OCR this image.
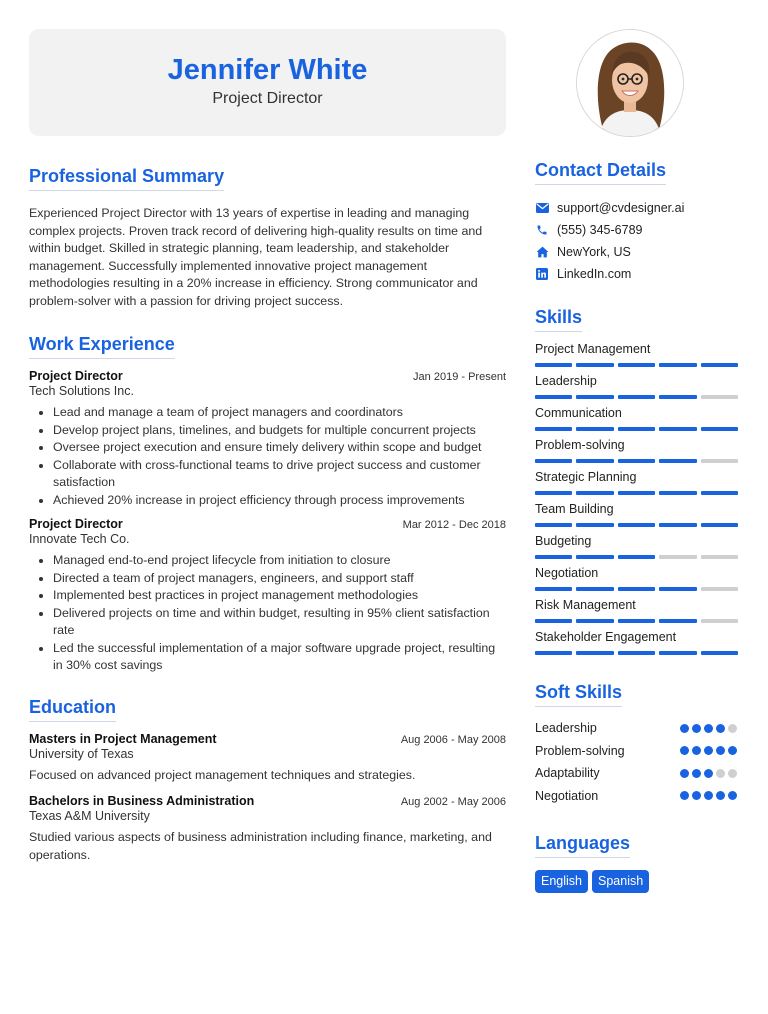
Jennifer White
Project Director
Professional Summary

Experienced Project Director with 13 years of expertise in leading and managing complex projects. Proven track record of delivering high-quality results on time and within budget. Skilled in strategic planning, team leadership, and stakeholder management. Successfully implemented innovative project management methodologies resulting in a 20% increase in efficiency. Strong communicator and problem-solver with a passion for driving project success.

Work Experience
Project Director	Jan 2019 - Present
Tech Solutions Inc.
• Lead and manage a team of project managers and coordinators
• Develop project plans, timelines, and budgets for multiple concurrent projects
• Oversee project execution and ensure timely delivery within scope and budget
• Collaborate with cross-functional teams to drive project success and customer satisfaction
• Achieved 20% increase in project efficiency through process improvements
Project Director	Mar 2012 - Dec 2018
Innovate Tech Co.
• Managed end-to-end project lifecycle from initiation to closure
• Directed a team of project managers, engineers, and support staff
• Implemented best practices in project management methodologies
• Delivered projects on time and within budget, resulting in 95% client satisfaction rate
• Led the successful implementation of a major software upgrade project, resulting in 30% cost savings
Education
Masters in Project Management	Aug 2006 - May 2008
University of Texas
Focused on advanced project management techniques and strategies.
Bachelors in Business Administration	Aug 2002 - May 2006
Texas A&M University
Studied various aspects of business administration including finance, marketing, and operations.
Contact Details
support@cvdesigner.ai
(555) 345-6789
NewYork, US
LinkedIn.com
Skills
Project Management
Leadership
Communication
Problem-solving
Strategic Planning
Team Building
Budgeting
Negotiation
Risk Management
Stakeholder Engagement
Soft Skills
Leadership
Problem-solving
Adaptability
Negotiation
Languages
English	Spanish
